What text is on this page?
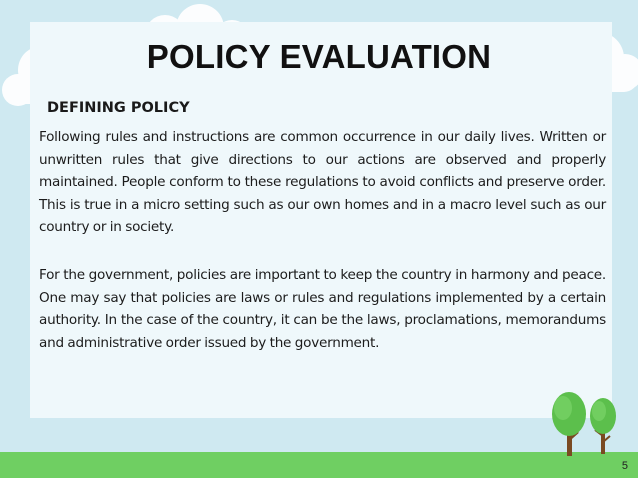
POLICY EVALUATION
DEFINING POLICY

Following rules and instructions are common occurrence in our daily lives. Written or unwritten rules that give directions to our actions are observed and properly maintained. People conform to these regulations to avoid conflicts and preserve order. This is true in a micro setting such as our own homes and in a macro level such as our country or in society.

For the government, policies are important to keep the country in harmony and peace. One may say that policies are laws or rules and regulations implemented by a certain authority. In the case of the country, it can be the laws, proclamations, memorandums and administrative order issued by the government.

5
